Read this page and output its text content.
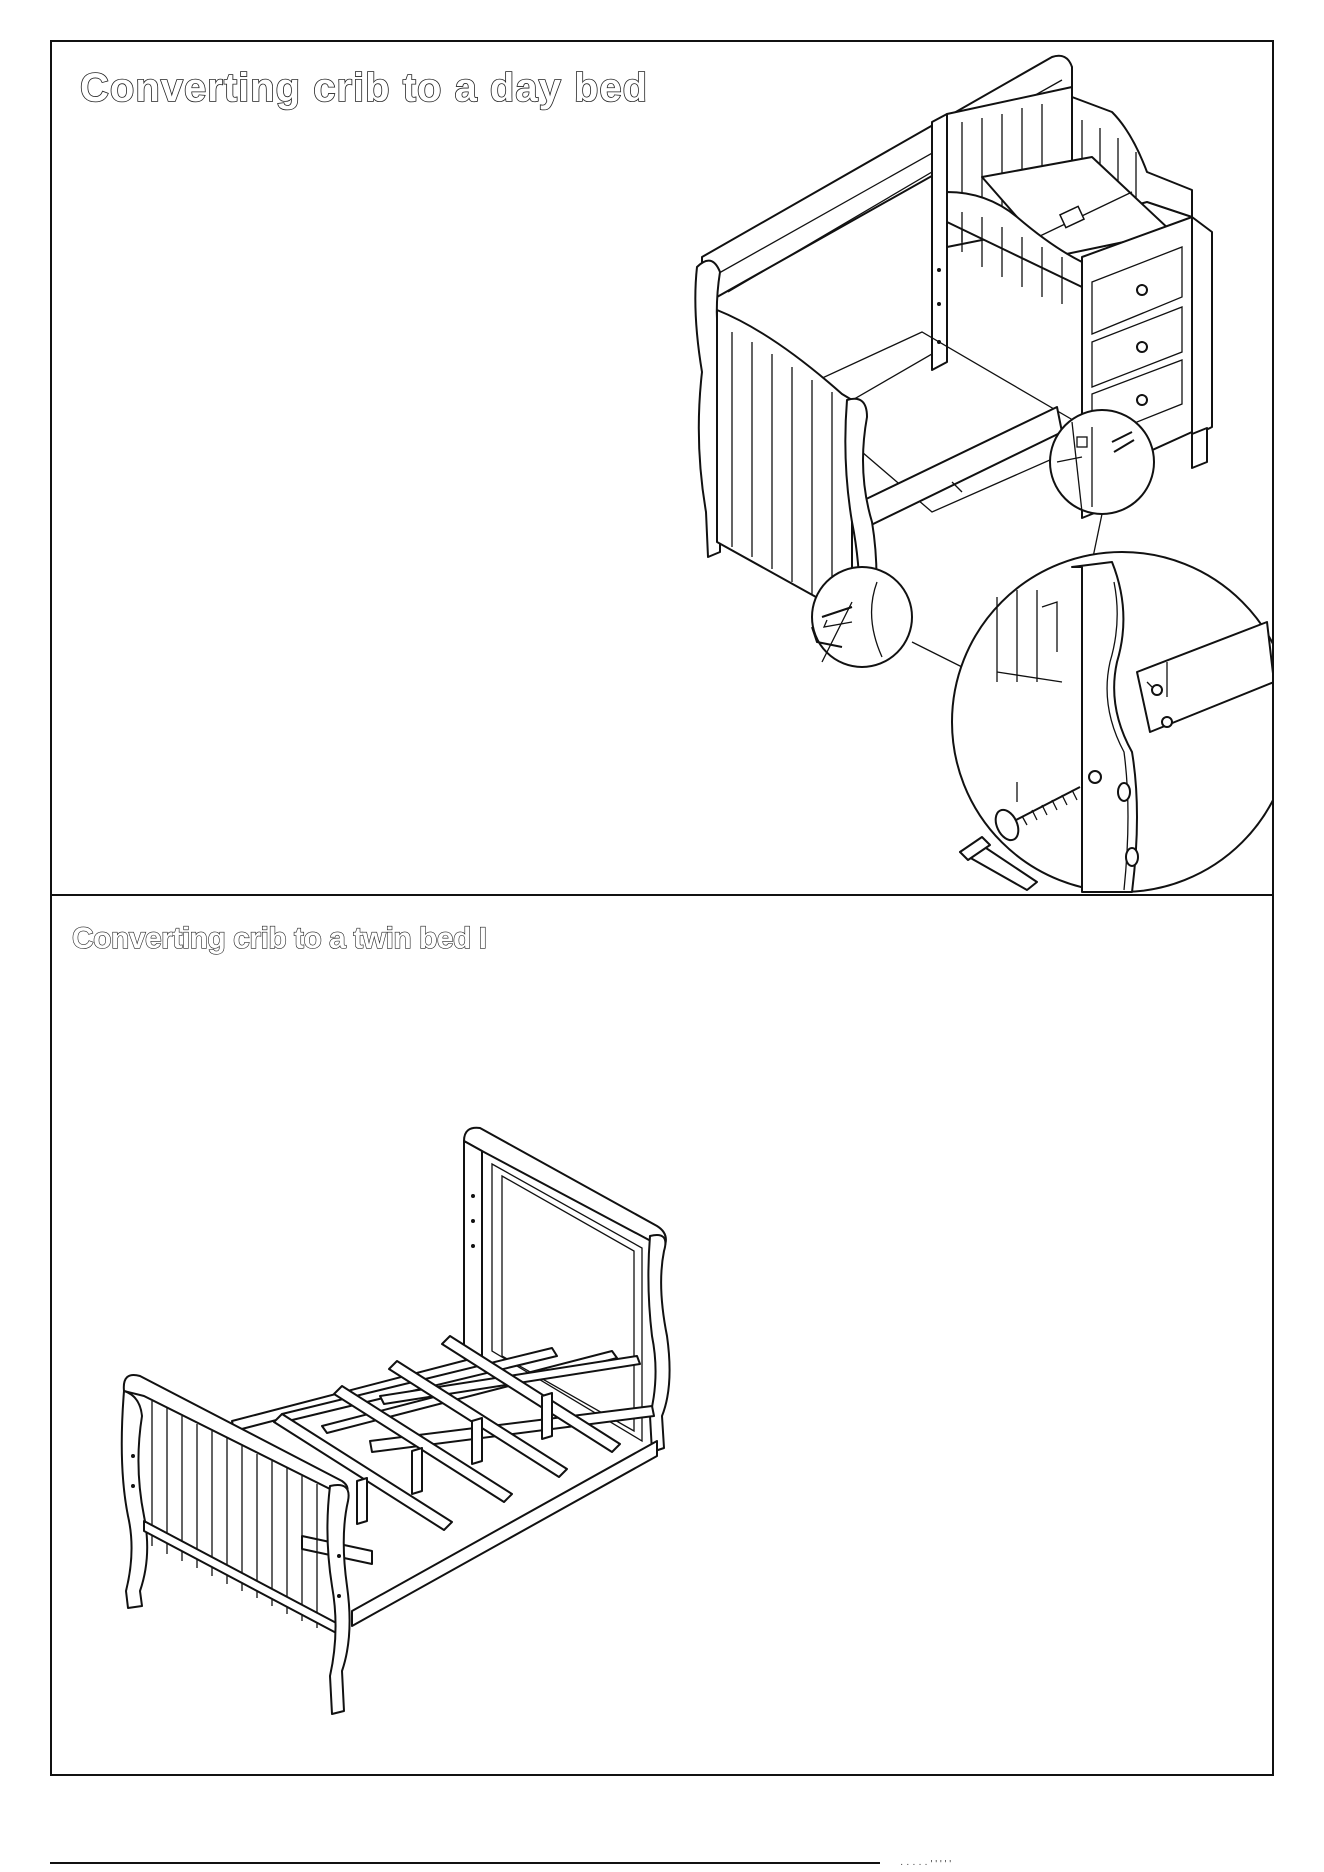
Converting crib to a day bed
Converting crib to a twin bed I
· · · · · ' ' ' ' '
